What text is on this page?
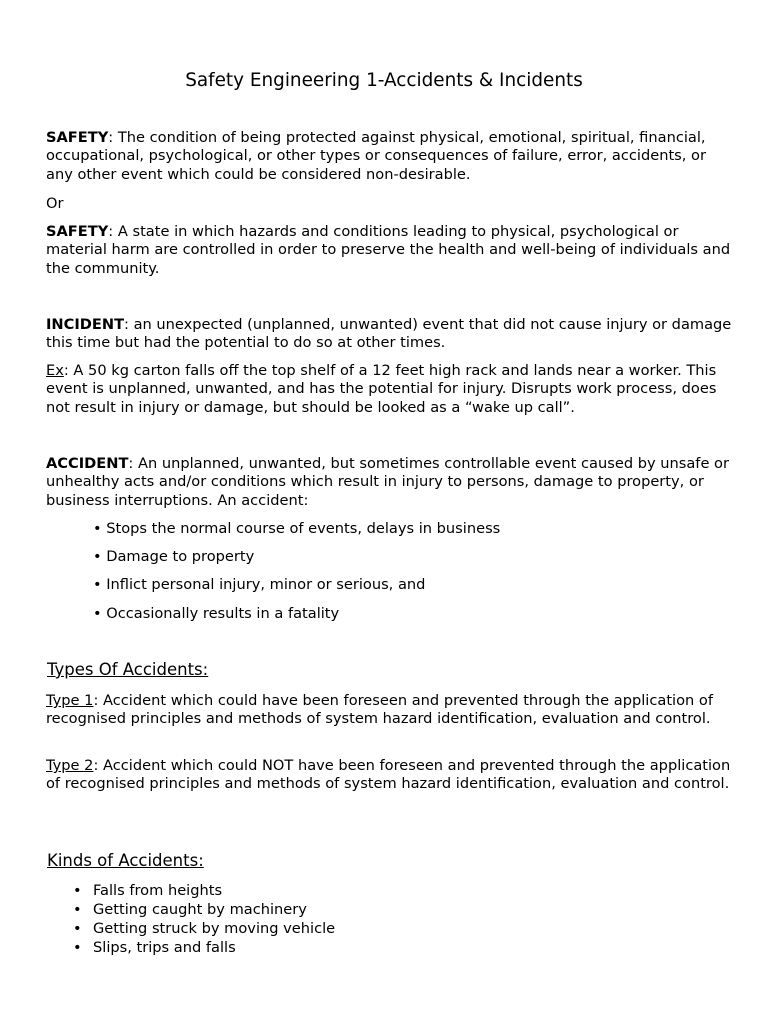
Safety Engineering 1-Accidents & Incidents

SAFETY: The condition of being protected against physical, emotional, spiritual, financial, occupational, psychological, or other types or consequences of failure, error, accidents, or any other event which could be considered non-desirable.

Or

SAFETY: A state in which hazards and conditions leading to physical, psychological or material harm are controlled in order to preserve the health and well-being of individuals and the community.

INCIDENT: an unexpected (unplanned, unwanted) event that did not cause injury or damage this time but had the potential to do so at other times.

Ex: A 50 kg carton falls off the top shelf of a 12 feet high rack and lands near a worker. This event is unplanned, unwanted, and has the potential for injury. Disrupts work process, does not result in injury or damage, but should be looked as a “wake up call”.

ACCIDENT: An unplanned, unwanted, but sometimes controllable event caused by unsafe or unhealthy acts and/or conditions which result in injury to persons, damage to property, or business interruptions. An accident:

• Stops the normal course of events, delays in business

• Damage to property

• Inflict personal injury, minor or serious, and

• Occasionally results in a fatality

Types Of Accidents:

Type 1: Accident which could have been foreseen and prevented through the application of recognised principles and methods of system hazard identification, evaluation and control.

Type 2: Accident which could NOT have been foreseen and prevented through the application of recognised principles and methods of system hazard identification, evaluation and control.

Kinds of Accidents:

• Falls from heights
• Getting caught by machinery
• Getting struck by moving vehicle
• Slips, trips and falls
